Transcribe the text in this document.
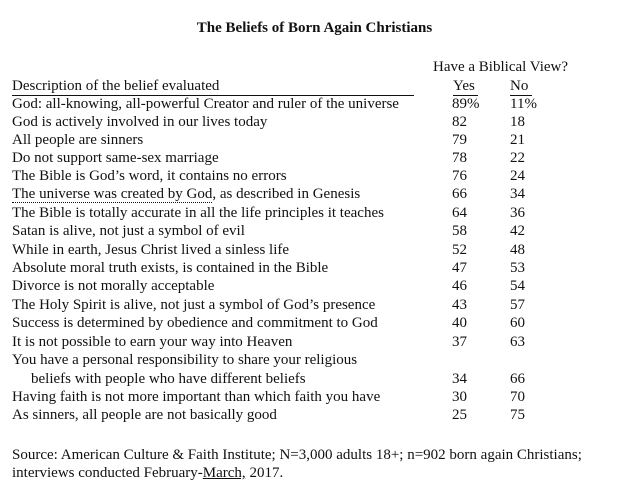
The Beliefs of Born Again Christians
Have a Biblical View?
Description of the belief evaluated	Yes No
God: all-knowing, all-powerful Creator and ruler of the universe	89% 11%
God is actively involved in our lives today	82	18
All people are sinners	79	21
Do not support same-sex marriage	78	22
The Bible is God’s word, it contains no errors	76	24
The universe was created by God, as described in Genesis	66	34
The Bible is totally accurate in all the life principles it teaches	64	36
Satan is alive, not just a symbol of evil	58	42
While in earth, Jesus Christ lived a sinless life	52	48
Absolute moral truth exists, is contained in the Bible	47	53
Divorce is not morally acceptable	46	54
The Holy Spirit is alive, not just a symbol of God’s presence	43	57
Success is determined by obedience and commitment to God	40	60
It is not possible to earn your way into Heaven	37	63
You have a personal responsibility to share your religious
beliefs with people who have different beliefs	34	66
Having faith is not more important than which faith you have	30	70
As sinners, all people are not basically good	25	75
Source: American Culture & Faith Institute; N=3,000 adults 18+; n=902 born again Christians;
interviews conducted February-March, 2017.
